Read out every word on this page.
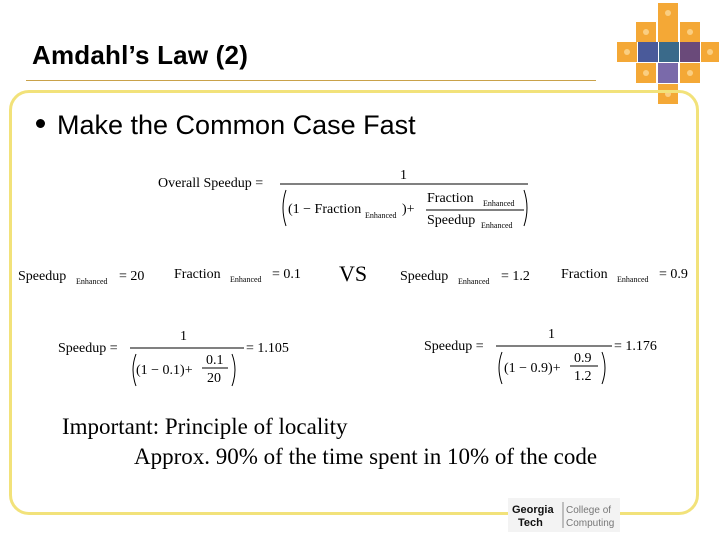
Amdahl’s Law (2)
Make the Common Case Fast
Overall Speedup =
1
(1 − Fraction Enhanced )+
Fraction Enhanced
Speedup Enhanced
Speedup Enhanced = 20 Fraction Enhanced = 0.1 VS Speedup Enhanced = 1.2 Fraction Enhanced = 0.9
Speedup =
1
(1 − 0.1)+
0.1
20
= 1.105	Speedup =
1
(1 − 0.9)+
0.9
1.2
= 1.176
Important: Principle of locality
Approx. 90% of the time spent in 10% of the code
Georgia
Tech
College of
Computing
